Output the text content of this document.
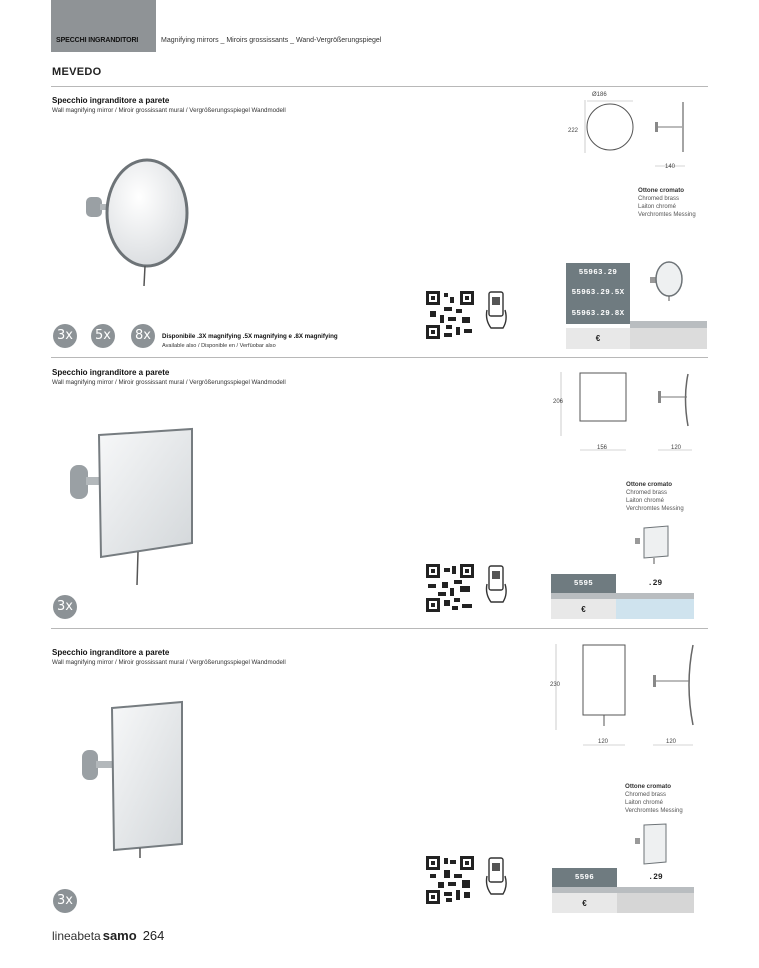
SPECCHI INGRANDITORI	Magnifying mirrors _ Miroirs grossissants _ Wand-Vergrößerungspiegel
MEVEDO
Specchio ingranditore a parete
Wall magnifying mirror / Miroir grossissant mural / Vergrößerungsspiegel Wandmodell
Ø186
222
140
Ottone cromato
Chromed brass
Laiton chromé
Verchromtes Messing
55963.29
55963.29.5X
55963.29.8X
€
3x	5x	8x	Disponibile .3X magnifying .5X magnifying e .8X magnifying
Available also / Disponible en / Verfüobar also
Specchio ingranditore a parete
Wall magnifying mirror / Miroir grossissant mural / Vergrößerungsspiegel Wandmodell
206
156	120
Ottone cromato
Chromed brass
Laiton chromé
Verchromtes Messing
5595	.29
€
3x
Specchio ingranditore a parete
Wall magnifying mirror / Miroir grossissant mural / Vergrößerungsspiegel Wandmodell
230
120	120
Ottone cromato
Chromed brass
Laiton chromé
Verchromtes Messing
5596	.29
€
3x
lineabeta samo 264
